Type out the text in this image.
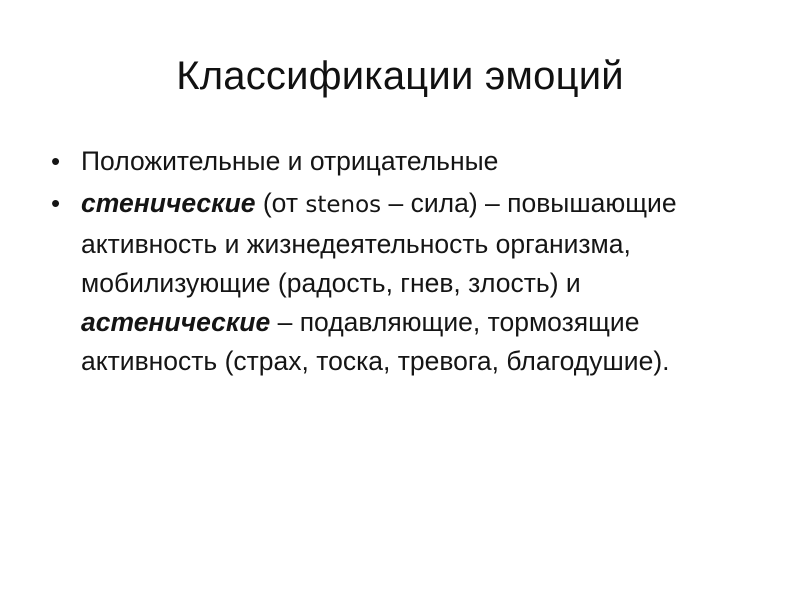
Классификации эмоций
• Положительные и отрицательные
• стенические (от stenos – сила) – повышающие активность и жизнедеятельность организма, мобилизующие (радость, гнев, злость) и астенические – подавляющие, тормозящие активность (страх, тоска, тревога, благодушие).
